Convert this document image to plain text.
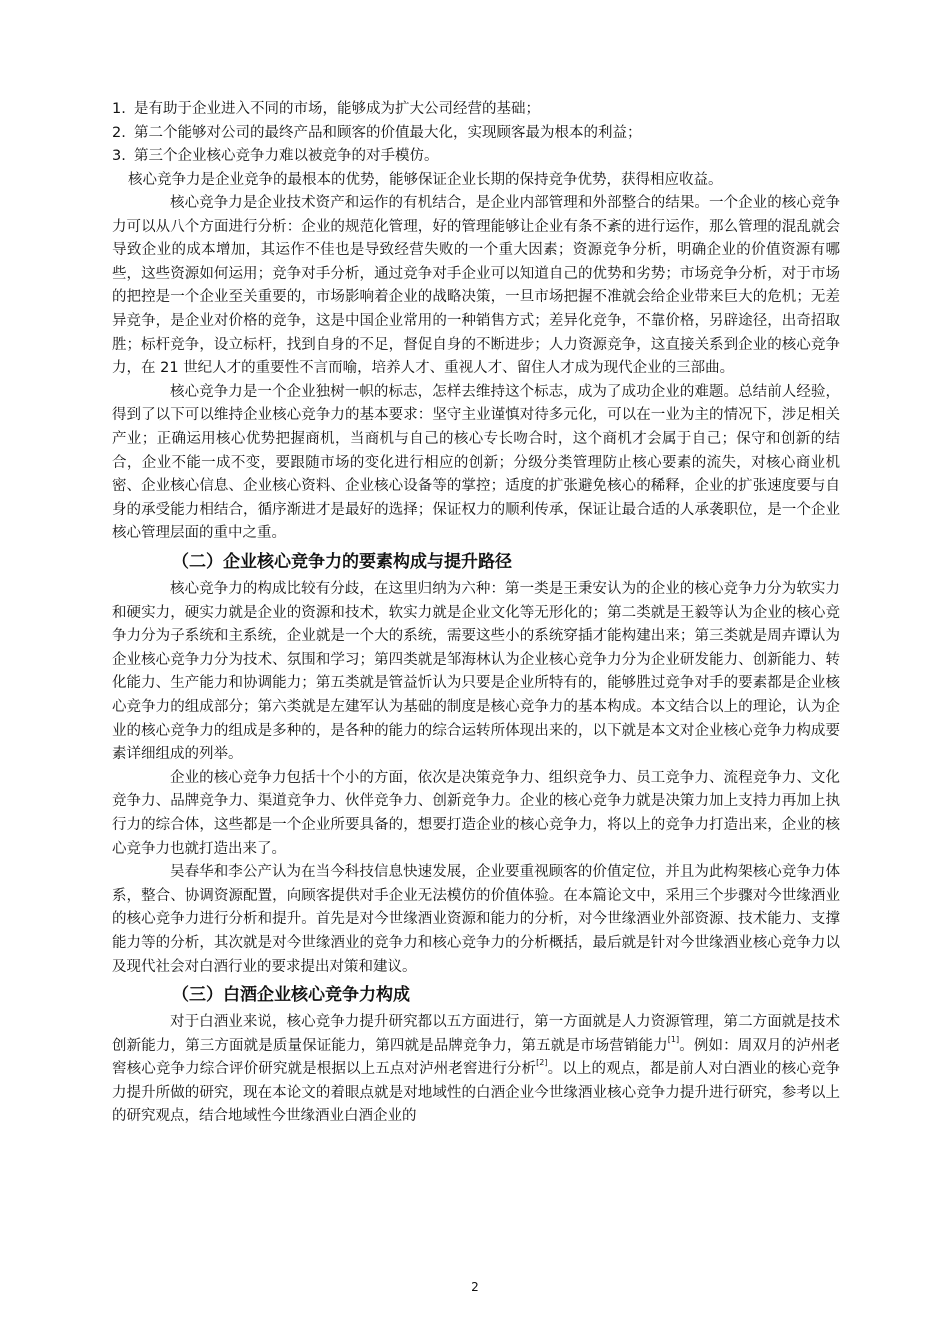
1. 是有助于企业进入不同的市场，能够成为扩大公司经营的基础；
2. 第二个能够对公司的最终产品和顾客的价值最大化，实现顾客最为根本的利益；
3. 第三个企业核心竞争力难以被竞争的对手模仿。

核心竞争力是企业竞争的最根本的优势，能够保证企业长期的保持竞争优势，获得相应收益。

核心竞争力是企业技术资产和运作的有机结合，是企业内部管理和外部整合的结果。一个企业的核心竞争力可以从八个方面进行分析：企业的规范化管理，好的管理能够让企业有条不紊的进行运作，那么管理的混乱就会导致企业的成本增加，其运作不佳也是导致经营失败的一个重大因素；资源竞争分析，明确企业的价值资源有哪些，这些资源如何运用；竞争对手分析，通过竞争对手企业可以知道自己的优势和劣势；市场竞争分析，对于市场的把控是一个企业至关重要的，市场影响着企业的战略决策，一旦市场把握不准就会给企业带来巨大的危机；无差异竞争，是企业对价格的竞争，这是中国企业常用的一种销售方式；差异化竞争，不靠价格，另辟途径，出奇招取胜；标杆竞争，设立标杆，找到自身的不足，督促自身的不断进步；人力资源竞争，这直接关系到企业的核心竞争力，在 21 世纪人才的重要性不言而喻，培养人才、重视人才、留住人才成为现代企业的三部曲。

核心竞争力是一个企业独树一帜的标志，怎样去维持这个标志，成为了成功企业的难题。总结前人经验，得到了以下可以维持企业核心竞争力的基本要求：坚守主业谨慎对待多元化，可以在一业为主的情况下，涉足相关产业；正确运用核心优势把握商机，当商机与自己的核心专长吻合时，这个商机才会属于自己；保守和创新的结合，企业不能一成不变，要跟随市场的变化进行相应的创新；分级分类管理防止核心要素的流失，对核心商业机密、企业核心信息、企业核心资料、企业核心设备等的掌控；适度的扩张避免核心的稀释，企业的扩张速度要与自身的承受能力相结合，循序渐进才是最好的选择；保证权力的顺利传承，保证让最合适的人承袭职位，是一个企业核心管理层面的重中之重。

（二）企业核心竞争力的要素构成与提升路径

核心竞争力的构成比较有分歧，在这里归纳为六种：第一类是王秉安认为的企业的核心竞争力分为软实力和硬实力，硬实力就是企业的资源和技术，软实力就是企业文化等无形化的；第二类就是王毅等认为企业的核心竞争力分为子系统和主系统，企业就是一个大的系统，需要这些小的系统穿插才能构建出来；第三类就是周卉谭认为企业核心竞争力分为技术、氛围和学习；第四类就是邹海林认为企业核心竞争力分为企业研发能力、创新能力、转化能力、生产能力和协调能力；第五类就是管益忻认为只要是企业所特有的，能够胜过竞争对手的要素都是企业核心竞争力的组成部分；第六类就是左建军认为基础的制度是核心竞争力的基本构成。本文结合以上的理论，认为企业的核心竞争力的组成是多种的，是各种的能力的综合运转所体现出来的，以下就是本文对企业核心竞争力构成要素详细组成的列举。

企业的核心竞争力包括十个小的方面，依次是决策竞争力、组织竞争力、员工竞争力、流程竞争力、文化竞争力、品牌竞争力、渠道竞争力、伙伴竞争力、创新竞争力。企业的核心竞争力就是决策力加上支持力再加上执行力的综合体，这些都是一个企业所要具备的，想要打造企业的核心竞争力，将以上的竞争力打造出来，企业的核心竞争力也就打造出来了。

吴春华和李公产认为在当今科技信息快速发展，企业要重视顾客的价值定位，并且为此构架核心竞争力体系，整合、协调资源配置，向顾客提供对手企业无法模仿的价值体验。在本篇论文中，采用三个步骤对今世缘酒业的核心竞争力进行分析和提升。首先是对今世缘酒业资源和能力的分析，对今世缘酒业外部资源、技术能力、支撑能力等的分析，其次就是对今世缘酒业的竞争力和核心竞争力的分析概括，最后就是针对今世缘酒业核心竞争力以及现代社会对白酒行业的要求提出对策和建议。

（三）白酒企业核心竞争力构成

对于白酒业来说，核心竞争力提升研究都以五方面进行，第一方面就是人力资源管理，第二方面就是技术创新能力，第三方面就是质量保证能力，第四就是品牌竞争力，第五就是市场营销能力[1]。例如：周双月的泸州老窖核心竞争力综合评价研究就是根据以上五点对泸州老窖进行分析[2]。以上的观点，都是前人对白酒业的核心竞争力提升所做的研究，现在本论文的着眼点就是对地域性的白酒企业今世缘酒业核心竞争力提升进行研究，参考以上的研究观点，结合地域性今世缘酒业白酒企业的

2
